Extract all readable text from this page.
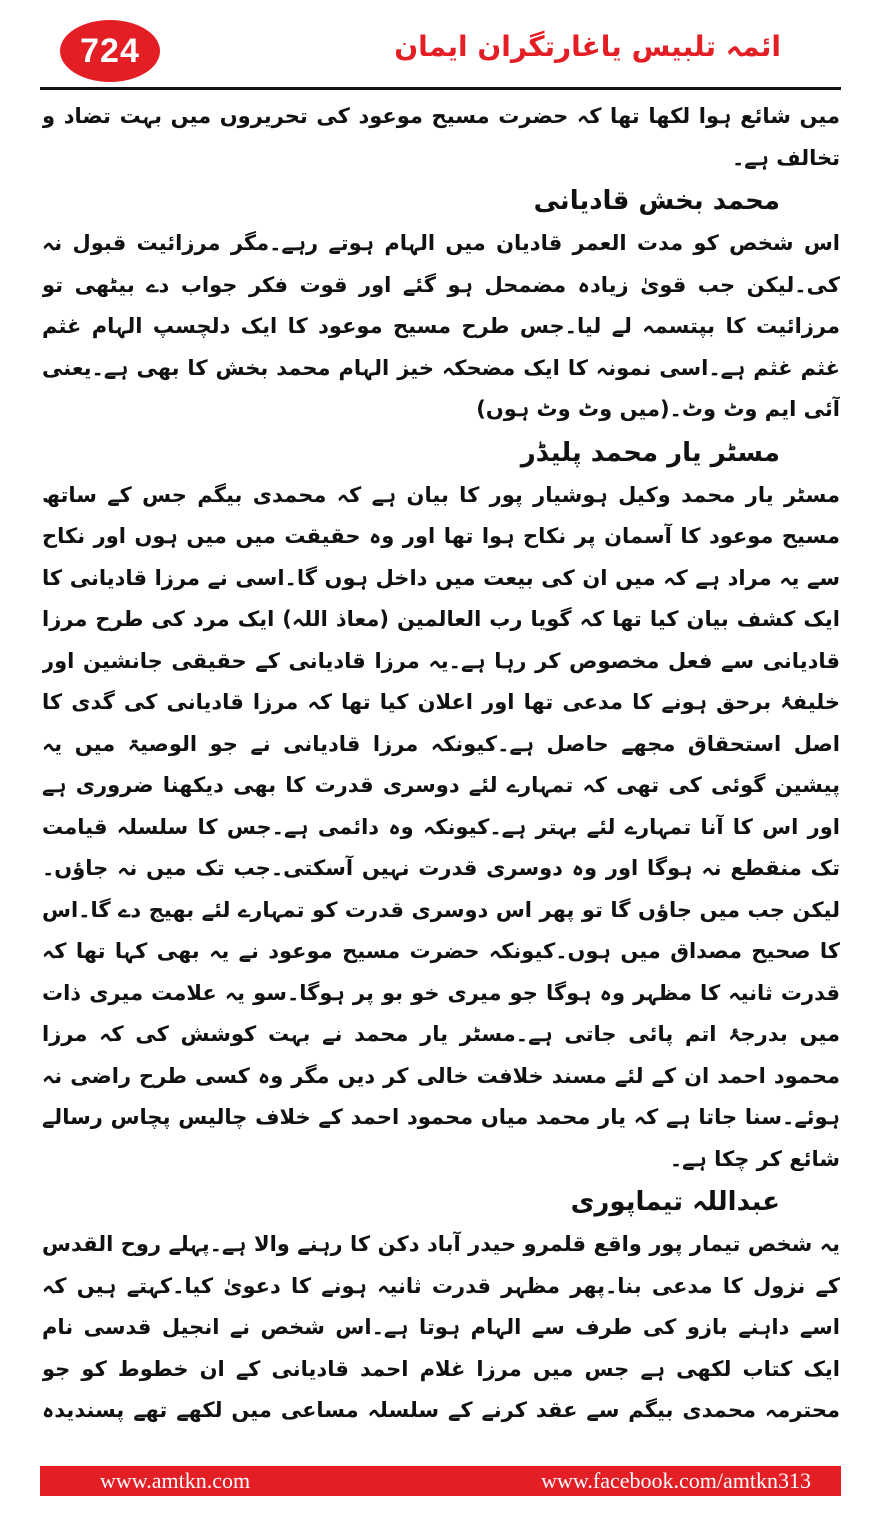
724	ائمہ تلبیس یاغارتگران ایمان

میں شائع ہوا لکھا تھا کہ حضرت مسیح موعود کی تحریروں میں بہت تضاد و تخالف ہے۔

محمد بخش قادیانی

اس شخص کو مدت العمر قادیان میں الہام ہوتے رہے۔مگر مرزائیت قبول نہ کی۔لیکن جب قویٰ زیادہ مضمحل ہو گئے اور قوت فکر جواب دے بیٹھی تو مرزائیت کا بپتسمہ لے لیا۔جس طرح مسیح موعود کا ایک دلچسپ الہام غثم غثم غثم ہے۔اسی نمونہ کا ایک مضحکہ خیز الہام محمد بخش کا بھی ہے۔یعنی آئی ایم وٹ وٹ۔(میں وٹ وٹ ہوں)

مسٹر یار محمد پلیڈر

مسٹر یار محمد وکیل ہوشیار پور کا بیان ہے کہ محمدی بیگم جس کے ساتھ مسیح موعود کا آسمان پر نکاح ہوا تھا اور وہ حقیقت میں میں ہوں اور نکاح سے یہ مراد ہے کہ میں ان کی بیعت میں داخل ہوں گا۔اسی نے مرزا قادیانی کا ایک کشف بیان کیا تھا کہ گویا رب العالمین (معاذ اللہ) ایک مرد کی طرح مرزا قادیانی سے فعل مخصوص کر رہا ہے۔یہ مرزا قادیانی کے حقیقی جانشین اور خلیفۂ برحق ہونے کا مدعی تھا اور اعلان کیا تھا کہ مرزا قادیانی کی گدی کا اصل استحقاق مجھے حاصل ہے۔کیونکہ مرزا قادیانی نے جو الوصیۃ میں یہ پیشین گوئی کی تھی کہ تمہارے لئے دوسری قدرت کا بھی دیکھنا ضروری ہے اور اس کا آنا تمہارے لئے بہتر ہے۔کیونکہ وہ دائمی ہے۔جس کا سلسلہ قیامت تک منقطع نہ ہوگا اور وہ دوسری قدرت نہیں آسکتی۔جب تک میں نہ جاؤں۔لیکن جب میں جاؤں گا تو پھر اس دوسری قدرت کو تمہارے لئے بھیج دے گا۔اس کا صحیح مصداق میں ہوں۔کیونکہ حضرت مسیح موعود نے یہ بھی کہا تھا کہ قدرت ثانیہ کا مظہر وہ ہوگا جو میری خو بو پر ہوگا۔سو یہ علامت میری ذات میں بدرجۂ اتم پائی جاتی ہے۔مسٹر یار محمد نے بہت کوشش کی کہ مرزا محمود احمد ان کے لئے مسند خلافت خالی کر دیں مگر وہ کسی طرح راضی نہ ہوئے۔سنا جاتا ہے کہ یار محمد میاں محمود احمد کے خلاف چالیس پچاس رسالے شائع کر چکا ہے۔

عبداللہ تیماپوری

یہ شخص تیمار پور واقع قلمرو حیدر آباد دکن کا رہنے والا ہے۔پہلے روح القدس کے نزول کا مدعی بنا۔پھر مظہر قدرت ثانیہ ہونے کا دعویٰ کیا۔کہتے ہیں کہ اسے داہنے بازو کی طرف سے الہام ہوتا ہے۔اس شخص نے انجیل قدسی نام ایک کتاب لکھی ہے جس میں مرزا غلام احمد قادیانی کے ان خطوط کو جو محترمہ محمدی بیگم سے عقد کرنے کے سلسلہ مساعی میں لکھے تھے پسندیدہ

www.amtkn.com	www.facebook.com/amtkn313
